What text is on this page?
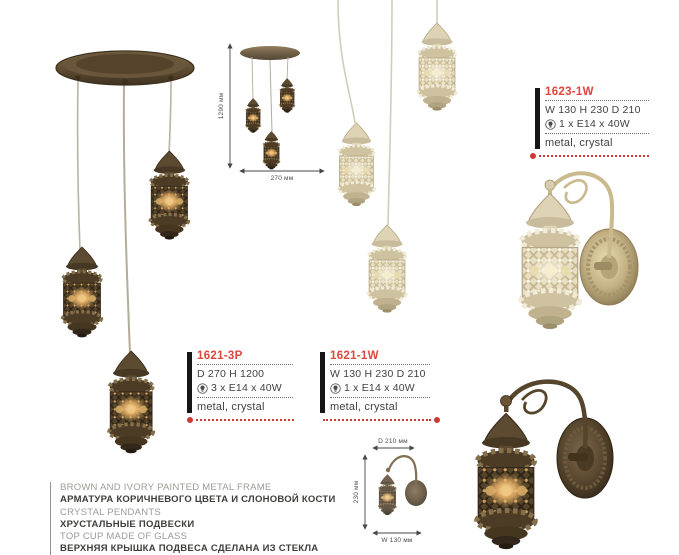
1290 мм
270 мм
1623-1W
W 130 H 230 D 210
1 x E14 x 40W
metal, crystal
1621-3P
D 270 H 1200
3 x E14 x 40W
metal, crystal
1621-1W
W 130 H 230 D 210
1 x E14 x 40W
metal, crystal
D 210 мм
230 мм
W 130 мм
BROWN AND IVORY PAINTED METAL FRAME
АРМАТУРА КОРИЧНЕВОГО ЦВЕТА И СЛОНОВОЙ КОСТИ
CRYSTAL PENDANTS
ХРУСТАЛЬНЫЕ ПОДВЕСКИ
TOP CUP MADE OF GLASS
ВЕРХНЯЯ КРЫШКА ПОДВЕСА СДЕЛАНА ИЗ СТЕКЛА
